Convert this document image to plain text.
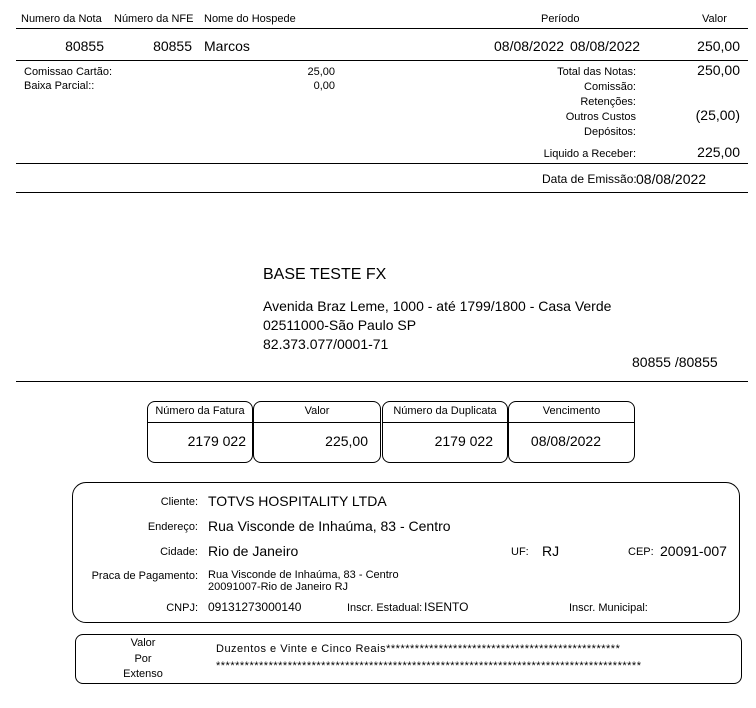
Numero da Nota Número da NFE Nome do Hospede	Período	Valor
80855	80855 Marcos	08/08/2022 08/08/2022	250,00
Comissao Cartão:	25,00
Baixa Parcial::	0,00
Total das Notas:	250,00
Comissão:
Retenções:
Outros Custos	(25,00)
Depósitos:
Liquido a Receber:	225,00
Data de Emissão: 08/08/2022
BASE TESTE FX
Avenida Braz Leme, 1000 - até 1799/1800 - Casa Verde
02511000-São Paulo SP
82.373.077/0001-71
80855 /80855
Número da Fatura
2179 022
Valor
225,00
Número da Duplicata
2179 022
Vencimento
08/08/2022
Cliente: TOTVS HOSPITALITY LTDA
Endereço: Rua Visconde de Inhaúma, 83 - Centro
Cidade: Rio de Janeiro	UF: RJ	CEP: 20091-007
Praca de Pagamento: Rua Visconde de Inhaúma, 83 - Centro
20091007-Rio de Janeiro RJ
CNPJ: 09131273000140	Inscr. Estadual: ISENTO	Inscr. Municipal:
Valor
Por
Extenso
Duzentos e Vinte e Cinco Reais*************************************************
*****************************************************************************************
